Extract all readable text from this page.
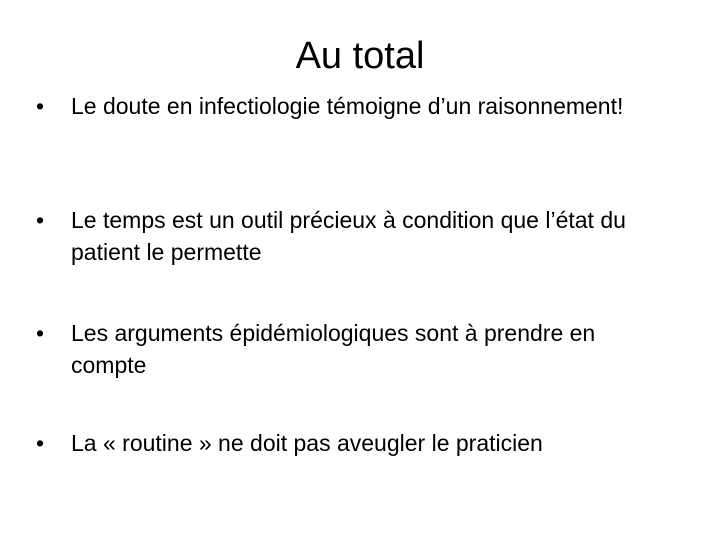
Au total
•	Le doute en infectiologie témoigne d’un raisonnement!
•	Le temps est un outil précieux à condition que l’état du patient le permette
•	Les arguments épidémiologiques sont à prendre en compte
•	La « routine » ne doit pas aveugler le praticien
